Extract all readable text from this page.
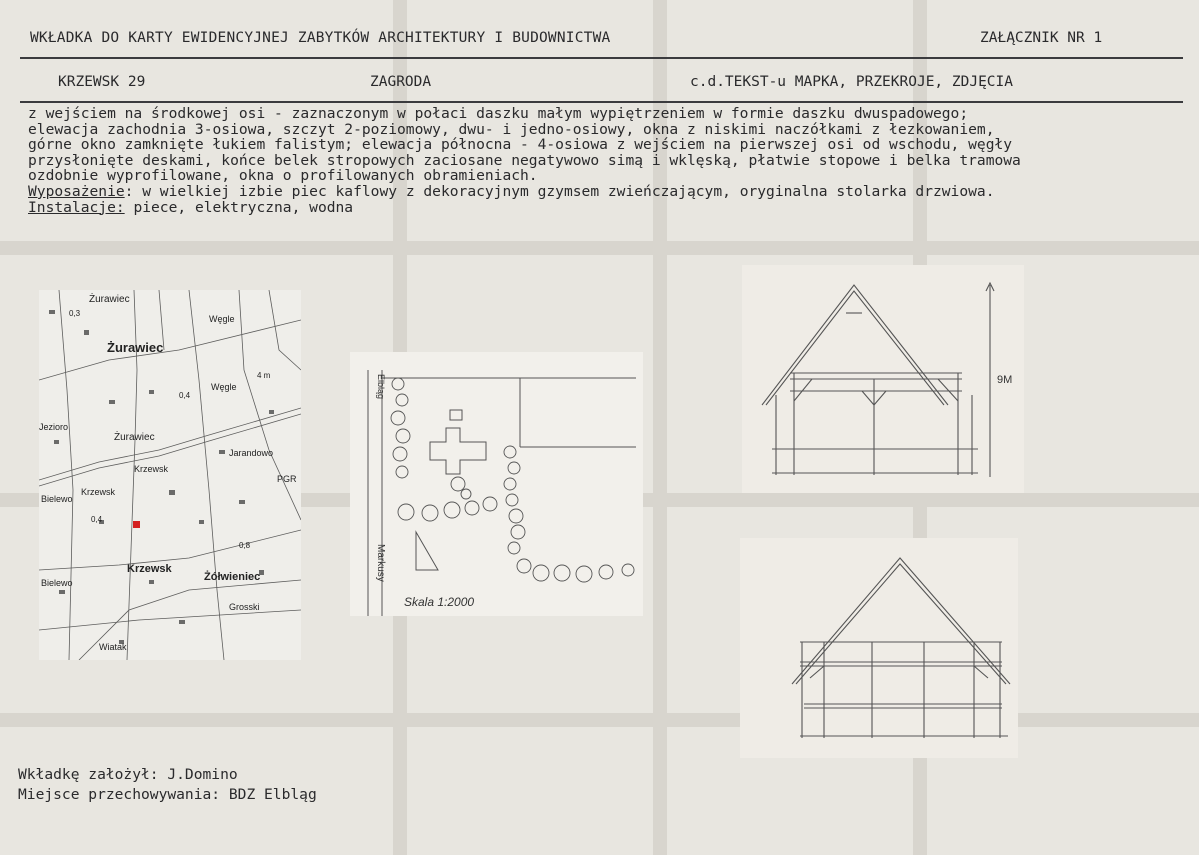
WKŁADKA DO KARTY EWIDENCYJNEJ ZABYTKÓW ARCHITEKTURY I BUDOWNICTWA	ZAŁĄCZNIK NR 1
KRZEWSK 29	ZAGRODA	c.d.TEKST-u MAPKA, PRZEKROJE, ZDJĘCIA
z wejściem na środkowej osi - zaznaczonym w połaci daszku małym wypiętrzeniem w formie daszku dwuspadowego;
elewacja zachodnia 3-osiowa, szczyt 2-poziomowy, dwu- i jedno-osiowy, okna z niskimi naczółkami z łezkowaniem,
górne okno zamknięte łukiem falistym; elewacja północna - 4-osiowa z wejściem na pierwszej osi od wschodu, węgły
przysłonięte deskami, końce belek stropowych zaciosane negatywowo simą i wklęską, płatwie stopowe i belka tramowa
ozdobnie wyprofilowane, okna o profilowanych obramieniach.
Wyposażenie: w wielkiej izbie piec kaflowy z dekoracyjnym gzymsem zwieńczającym, oryginalna stolarka drzwiowa.
Instalacje: piece, elektryczna, wodna
Żurawiec
Żurawiec
Żurawiec
Krzewsk
Krzewsk
Krzewsk
Jarandowo
Węgle
Węgle
Żółwieniec
Grosski
Bielewo
Bielewo
Wiatak
Jezioro
PGR
0,3
0,4
0,4
0,8
4 m	Elbląg
Markusy
Skala 1:2000
9M
Wkładkę założył: J.Domino
Miejsce przechowywania: BDZ Elbląg
